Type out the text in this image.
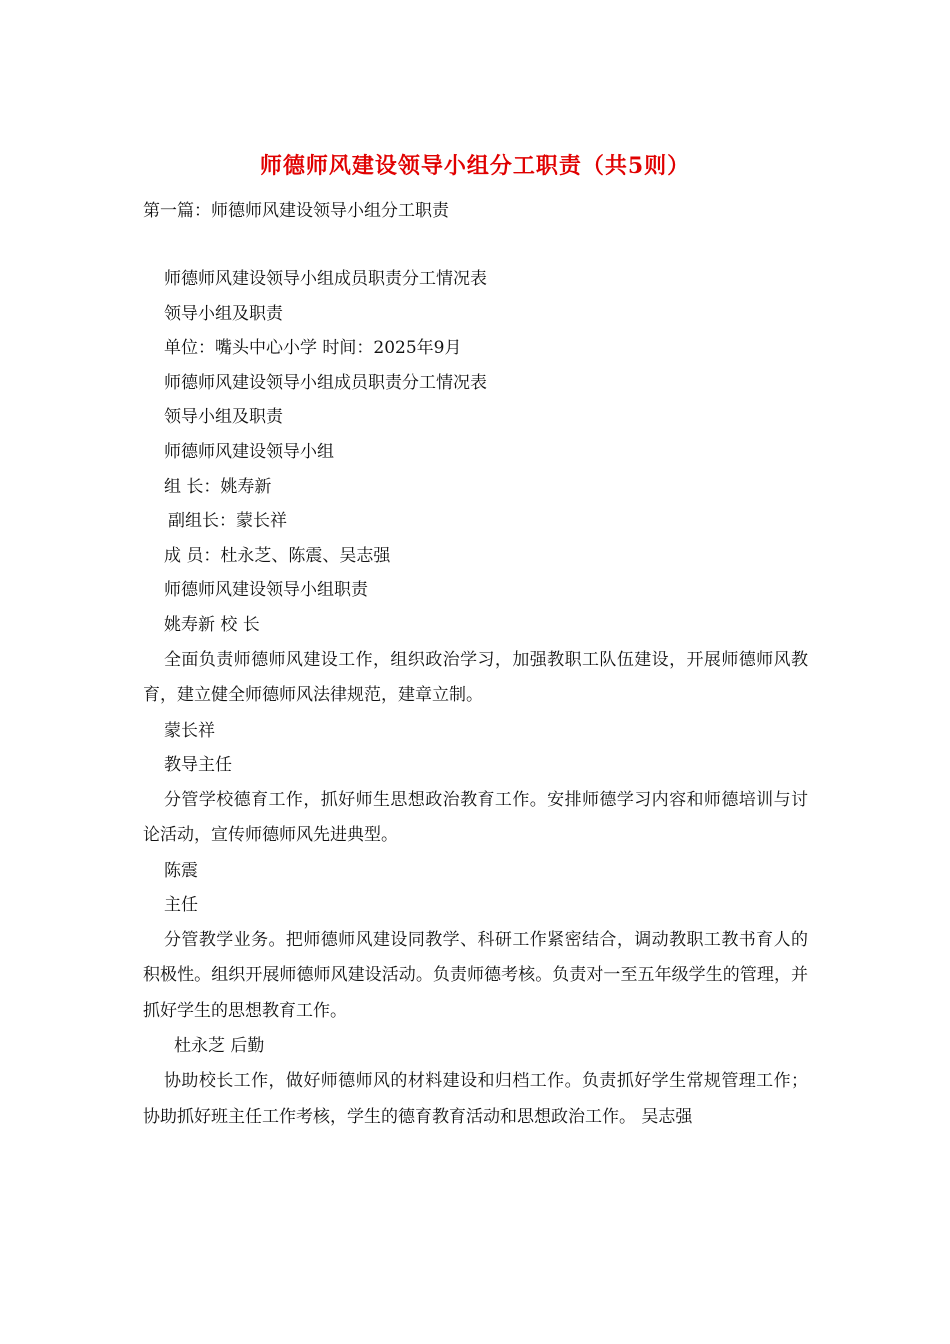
师德师风建设领导小组分工职责（共5则）
第一篇：师德师风建设领导小组分工职责
师德师风建设领导小组成员职责分工情况表
领导小组及职责
单位：嘴头中心小学 时间：2025年9月
师德师风建设领导小组成员职责分工情况表
领导小组及职责
师德师风建设领导小组
组 长：姚寿新
副组长：蒙长祥
成 员：杜永芝、陈震、吴志强
师德师风建设领导小组职责
姚寿新 校 长
全面负责师德师风建设工作，组织政治学习，加强教职工队伍建设，开展师德师风教育，建立健全师德师风法律规范，建章立制。
蒙长祥
教导主任
分管学校德育工作，抓好师生思想政治教育工作。安排师德学习内容和师德培训与讨论活动，宣传师德师风先进典型。
陈震
主任
分管教学业务。把师德师风建设同教学、科研工作紧密结合，调动教职工教书育人的积极性。组织开展师德师风建设活动。负责师德考核。负责对一至五年级学生的管理，并抓好学生的思想教育工作。
杜永芝 后勤
协助校长工作，做好师德师风的材料建设和归档工作。负责抓好学生常规管理工作；协助抓好班主任工作考核，学生的德育教育活动和思想政治工作。 吴志强
